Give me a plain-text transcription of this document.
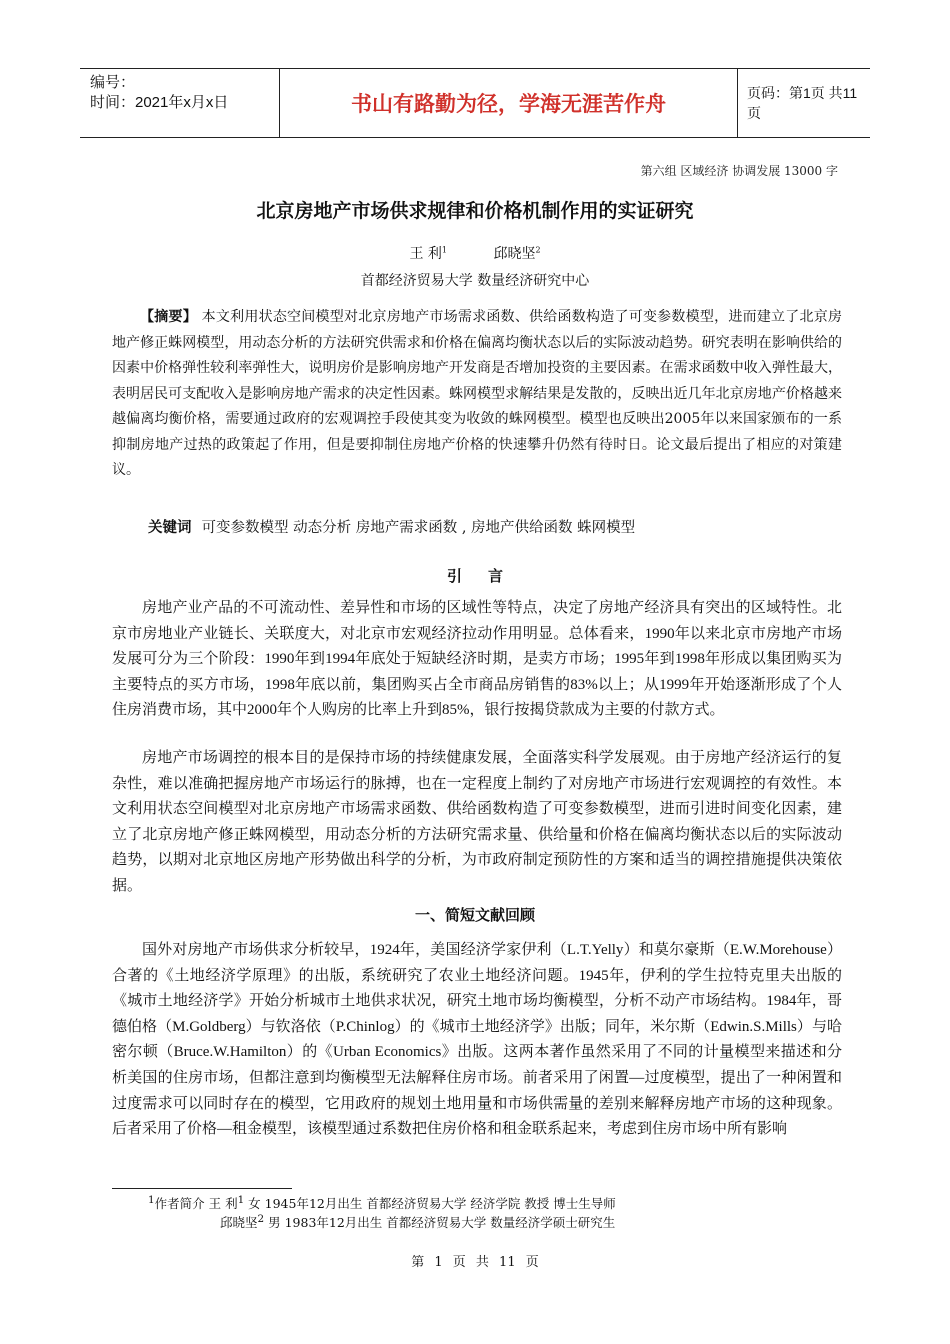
编号：
时间：2021年x月x日	书山有路勤为径，学海无涯苦作舟	页码：第1页 共11页
第六组 区域经济 协调发展 13000 字
北京房地产市场供求规律和价格机制作用的实证研究
王 利$^1$	邱晓坚$^2$
首都经济贸易大学 数量经济研究中心
【摘要】 本文利用状态空间模型对北京房地产市场需求函数、供给函数构造了可变参数模型，进而建立了北京房地产修正蛛网模型，用动态分析的方法研究供需求和价格在偏离均衡状态以后的实际波动趋势。研究表明在影响供给的因素中价格弹性较利率弹性大，说明房价是影响房地产开发商是否增加投资的主要因素。在需求函数中收入弹性最大，表明居民可支配收入是影响房地产需求的决定性因素。蛛网模型求解结果是发散的，反映出近几年北京房地产价格越来越偏离均衡价格，需要通过政府的宏观调控手段使其变为收敛的蛛网模型。模型也反映出2005年以来国家颁布的一系抑制房地产过热的政策起了作用，但是要抑制住房地产价格的快速攀升仍然有待时日。论文最后提出了相应的对策建议。
关键词 可变参数模型 动态分析 房地产需求函数 , 房地产供给函数 蛛网模型
引言
房地产业产品的不可流动性、差异性和市场的区域性等特点，决定了房地产经济具有突出的区域特性。北京市房地业产业链长、关联度大，对北京市宏观经济拉动作用明显。总体看来，1990年以来北京市房地产市场发展可分为三个阶段：1990年到1994年底处于短缺经济时期，是卖方市场；1995年到1998年形成以集团购买为主要特点的买方市场，1998年底以前，集团购买占全市商品房销售的83%以上；从1999年开始逐渐形成了个人住房消费市场，其中2000年个人购房的比率上升到85%，银行按揭贷款成为主要的付款方式。
房地产市场调控的根本目的是保持市场的持续健康发展，全面落实科学发展观。由于房地产经济运行的复杂性，难以准确把握房地产市场运行的脉搏，也在一定程度上制约了对房地产市场进行宏观调控的有效性。本文利用状态空间模型对北京房地产市场需求函数、供给函数构造了可变参数模型，进而引进时间变化因素，建立了北京房地产修正蛛网模型，用动态分析的方法研究需求量、供给量和价格在偏离均衡状态以后的实际波动趋势，以期对北京地区房地产形势做出科学的分析，为市政府制定预防性的方案和适当的调控措施提供决策依据。
一、简短文献回顾
国外对房地产市场供求分析较早，1924年，美国经济学家伊利（L.T.Yelly）和莫尔豪斯（E.W.Morehouse）合著的《土地经济学原理》的出版，系统研究了农业土地经济问题。1945年，伊利的学生拉特克里夫出版的《城市土地经济学》开始分析城市土地供求状况，研究土地市场均衡模型，分析不动产市场结构。1984年，哥德伯格（M.Goldberg）与钦洛依（P.Chinlog）的《城市土地经济学》出版；同年，米尔斯（Edwin.S.Mills）与哈密尔顿（Bruce.W.Hamilton）的《Urban Economics》出版。这两本著作虽然采用了不同的计量模型来描述和分析美国的住房市场，但都注意到均衡模型无法解释住房市场。前者采用了闲置—过度模型，提出了一种闲置和过度需求可以同时存在的模型，它用政府的规划土地用量和市场供需量的差别来解释房地产市场的这种现象。后者采用了价格—租金模型，该模型通过系数把住房价格和租金联系起来，考虑到住房市场中所有影响
$^1$作者简介 王 利$^1$ 女 1945年12月出生 首都经济贸易大学 经济学院 教授 博士生导师
邱晓坚$^2$ 男 1983年12月出生 首都经济贸易大学 数量经济学硕士研究生
第 1 页 共 11 页
